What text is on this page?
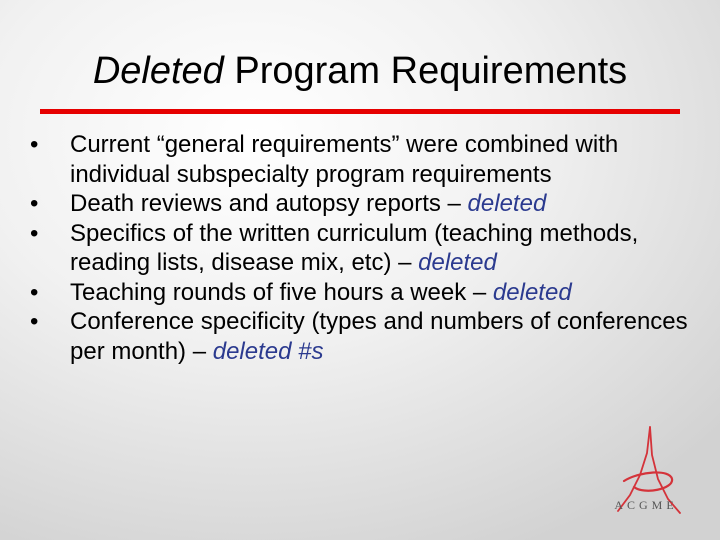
Deleted Program Requirements
•	Current “general requirements” were combined with individual subspecialty program requirements
•	Death reviews and autopsy reports – deleted
•	Specifics of the written curriculum (teaching methods, reading lists, disease mix, etc) – deleted
•	Teaching rounds of five hours a week – deleted
•	Conference specificity (types and numbers of conferences per month) – deleted #s
ACGME
